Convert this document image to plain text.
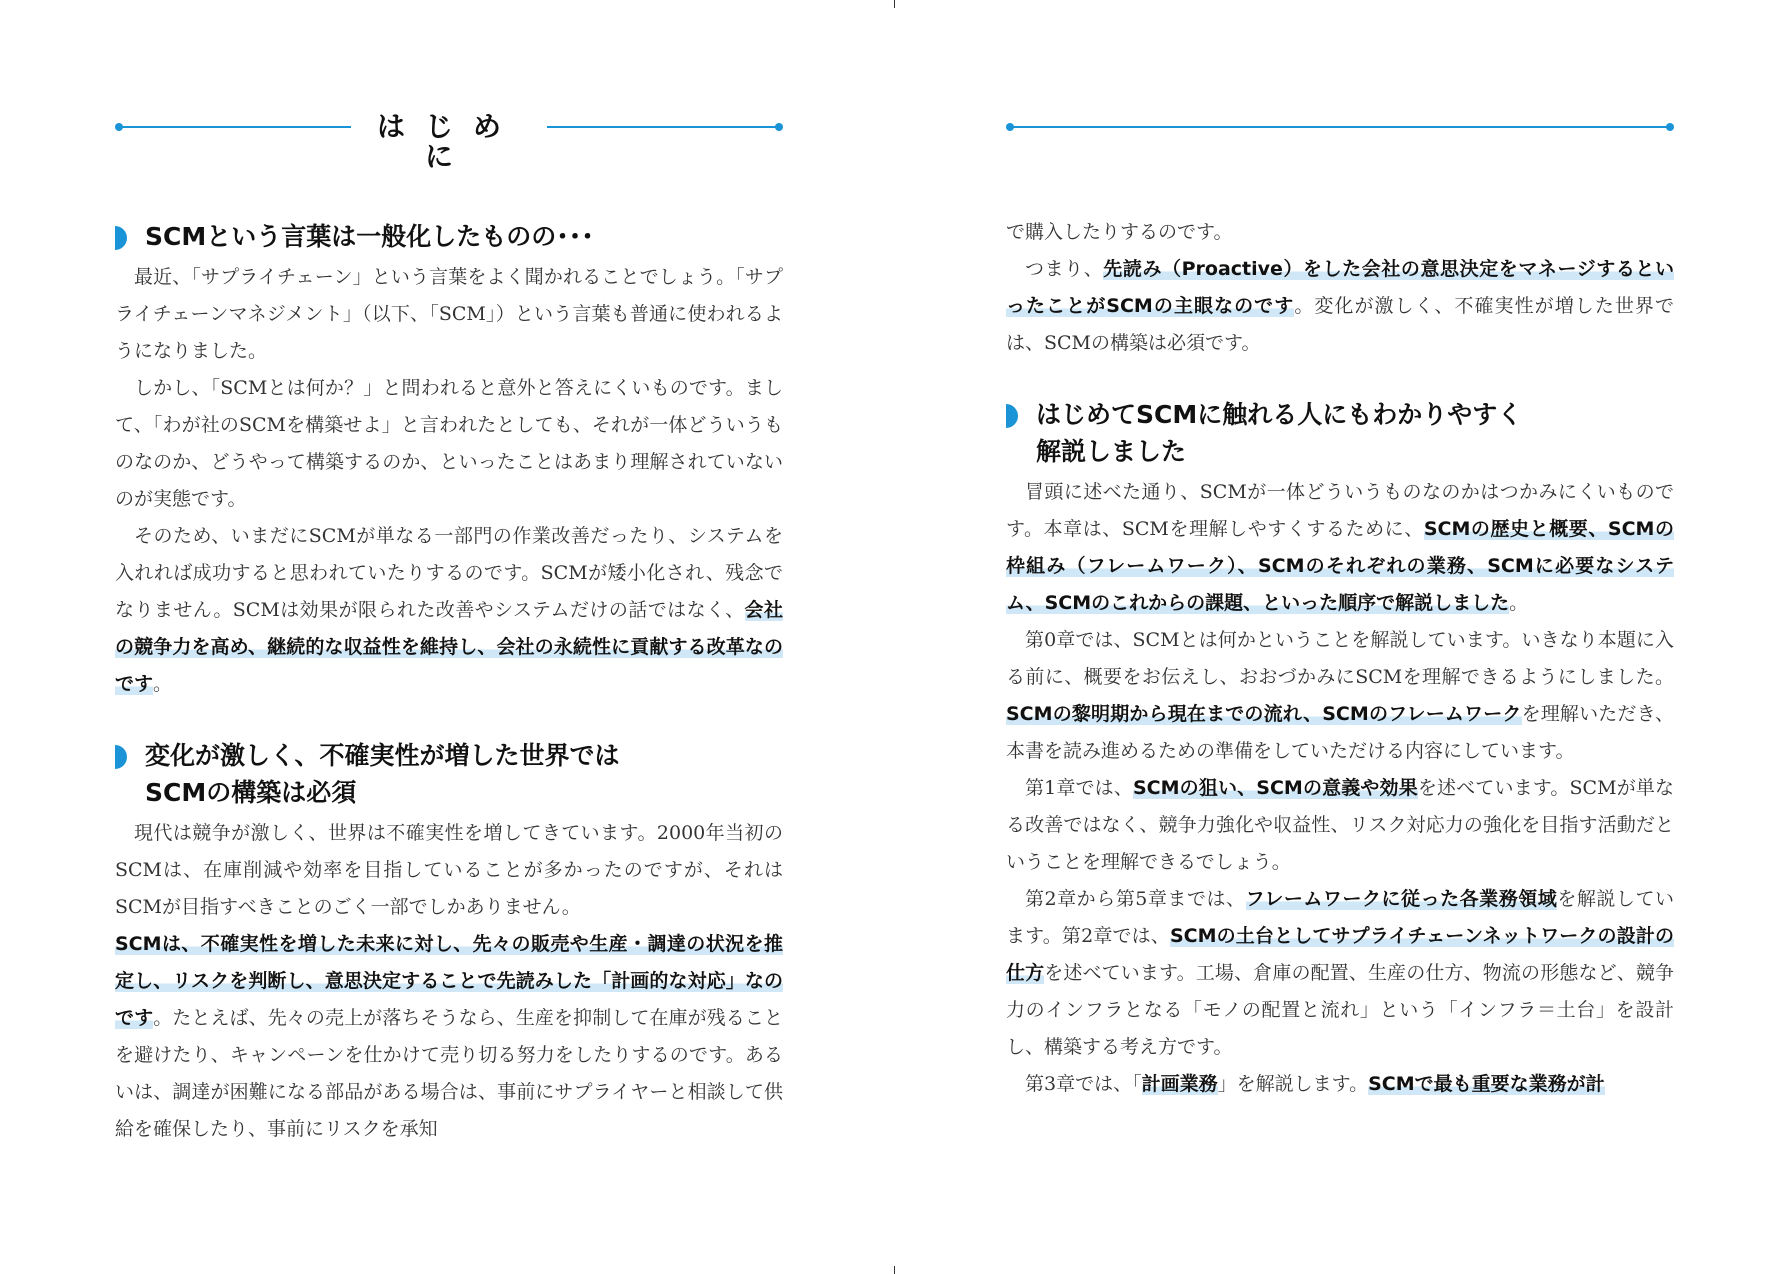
はじめに
SCMという言葉は一般化したものの･･･

最近、「サプライチェーン」という言葉をよく聞かれることでしょう。「サプライチェーンマネジメント」（以下、「SCM」）という言葉も普通に使われるようになりました。

しかし、「SCMとは何か？」と問われると意外と答えにくいものです。まして、「わが社のSCMを構築せよ」と言われたとしても、それが一体どういうものなのか、どうやって構築するのか、といったことはあまり理解されていないのが実態です。

そのため、いまだにSCMが単なる一部門の作業改善だったり、システムを入れれば成功すると思われていたりするのです。SCMが矮小化され、残念でなりません。SCMは効果が限られた改善やシステムだけの話ではなく、会社の競争力を高め、継続的な収益性を維持し、会社の永続性に貢献する改革なのです。

変化が激しく、不確実性が増した世界では
SCMの構築は必須

現代は競争が激しく、世界は不確実性を増してきています。2000年当初のSCMは、在庫削減や効率を目指していることが多かったのですが、それはSCMが目指すべきことのごく一部でしかありません。

SCMは、不確実性を増した未来に対し、先々の販売や生産・調達の状況を推定し、リスクを判断し、意思決定することで先読みした「計画的な対応」なのです。たとえば、先々の売上が落ちそうなら、生産を抑制して在庫が残ることを避けたり、キャンペーンを仕かけて売り切る努力をしたりするのです。あるいは、調達が困難になる部品がある場合は、事前にサプライヤーと相談して供給を確保したり、事前にリスクを承知

で購入したりするのです。

つまり、先読み（Proactive）をした会社の意思決定をマネージするといったことがSCMの主眼なのです。変化が激しく、不確実性が増した世界では、SCMの構築は必須です。

はじめてSCMに触れる人にもわかりやすく
解説しました

冒頭に述べた通り、SCMが一体どういうものなのかはつかみにくいものです。本章は、SCMを理解しやすくするために、SCMの歴史と概要、SCMの枠組み（フレームワーク）、SCMのそれぞれの業務、SCMに必要なシステム、SCMのこれからの課題、といった順序で解説しました。

第0章では、SCMとは何かということを解説しています。いきなり本題に入る前に、概要をお伝えし、おおづかみにSCMを理解できるようにしました。SCMの黎明期から現在までの流れ、SCMのフレームワークを理解いただき、本書を読み進めるための準備をしていただける内容にしています。

第1章では、SCMの狙い、SCMの意義や効果を述べています。SCMが単なる改善ではなく、競争力強化や収益性、リスク対応力の強化を目指す活動だということを理解できるでしょう。

第2章から第5章までは、フレームワークに従った各業務領域を解説しています。第2章では、SCMの土台としてサプライチェーンネットワークの設計の仕方を述べています。工場、倉庫の配置、生産の仕方、物流の形態など、競争力のインフラとなる「モノの配置と流れ」という「インフラ＝土台」を設計し、構築する考え方です。

第3章では、「計画業務」を解説します。SCMで最も重要な業務が計
